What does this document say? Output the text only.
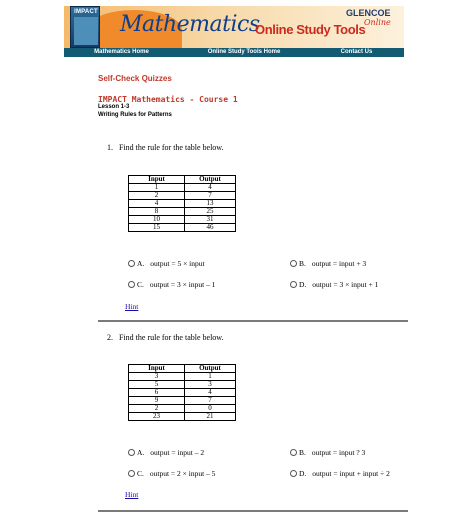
IMPACT Mathematics
Online Study Tools
GLENCOE
Online
Mathematics Home	Online Study Tools Home	Contact Us
Self-Check Quizzes
IMPACT Mathematics - Course 1
Lesson 1-3
Writing Rules for Patterns
1. Find the rule for the table below.
Input	Output
1	4
2	7
4	13
8	25
10	31
15	46
A. output = 5 × input	B. output = input + 3
C. output = 3 × input – 1	D. output = 3 × input + 1
Hint
2. Find the rule for the table below.
Input	Output
3	1
5	3
6	4
9	7
2	0
23	21
A. output = input – 2	B. output = input ? 3
C. output = 2 × input – 5	D. output = input + input ÷ 2
Hint
